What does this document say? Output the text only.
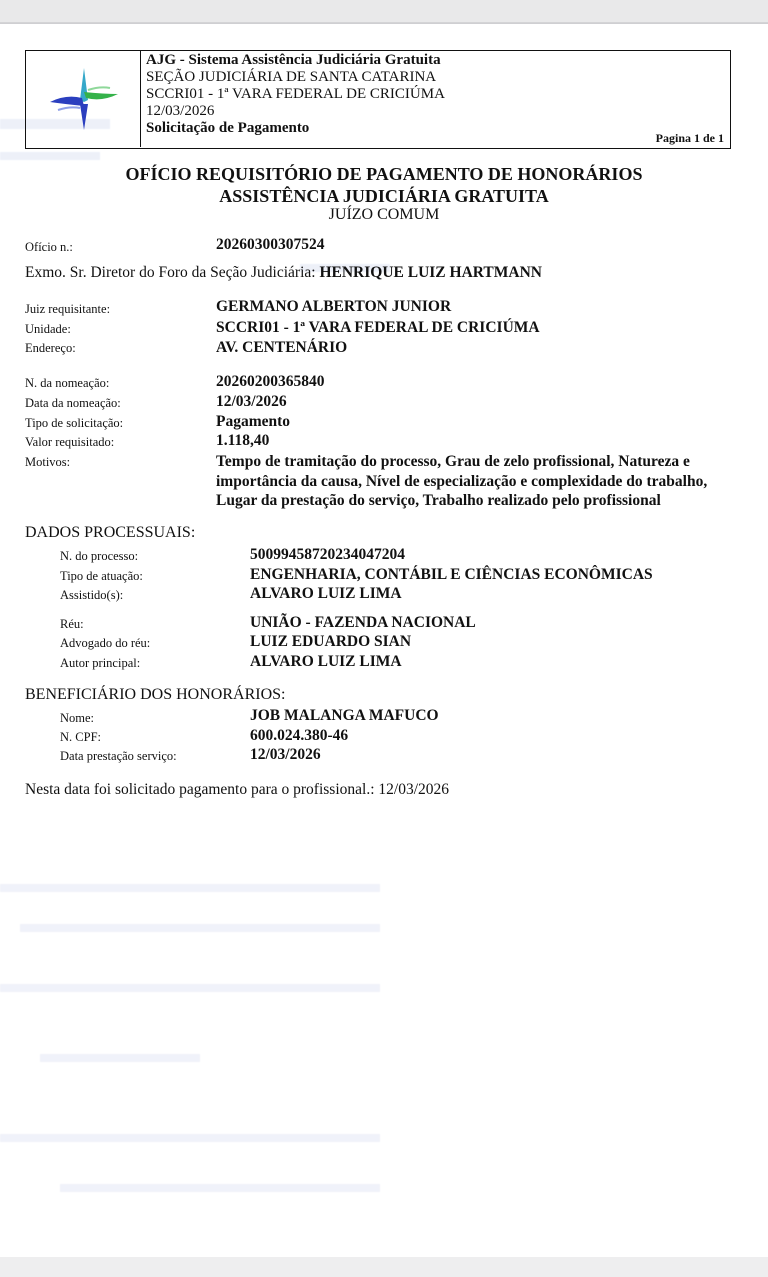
AJG - Sistema Assistência Judiciária Gratuita
SEÇÃO JUDICIÁRIA DE SANTA CATARINA
SCCRI01 - 1ª VARA FEDERAL DE CRICIÚMA
12/03/2026
Solicitação de Pagamento
Pagina 1 de 1
OFÍCIO REQUISITÓRIO DE PAGAMENTO DE HONORÁRIOS
ASSISTÊNCIA JUDICIÁRIA GRATUITA
JUÍZO COMUM
Ofício n.:	20260300307524
Exmo. Sr. Diretor do Foro da Seção Judiciária: HENRIQUE LUIZ HARTMANN
Juiz requisitante:	GERMANO ALBERTON JUNIOR
Unidade:	SCCRI01 - 1ª VARA FEDERAL DE CRICIÚMA
Endereço:	AV. CENTENÁRIO
N. da nomeação:	20260200365840
Data da nomeação:	12/03/2026
Tipo de solicitação:	Pagamento
Valor requisitado:	1.118,40
Motivos:	Tempo de tramitação do processo, Grau de zelo profissional, Natureza e
importância da causa, Nível de especialização e complexidade do trabalho,
Lugar da prestação do serviço, Trabalho realizado pelo profissional
DADOS PROCESSUAIS:
N. do processo:	50099458720234047204
Tipo de atuação:	ENGENHARIA, CONTÁBIL E CIÊNCIAS ECONÔMICAS
Assistido(s):	ALVARO LUIZ LIMA
Réu:	UNIÃO - FAZENDA NACIONAL
Advogado do réu:	LUIZ EDUARDO SIAN
Autor principal:	ALVARO LUIZ LIMA
BENEFICIÁRIO DOS HONORÁRIOS:
Nome:	JOB MALANGA MAFUCO
N. CPF:	600.024.380-46
Data prestação serviço:	12/03/2026
Nesta data foi solicitado pagamento para o profissional.: 12/03/2026
